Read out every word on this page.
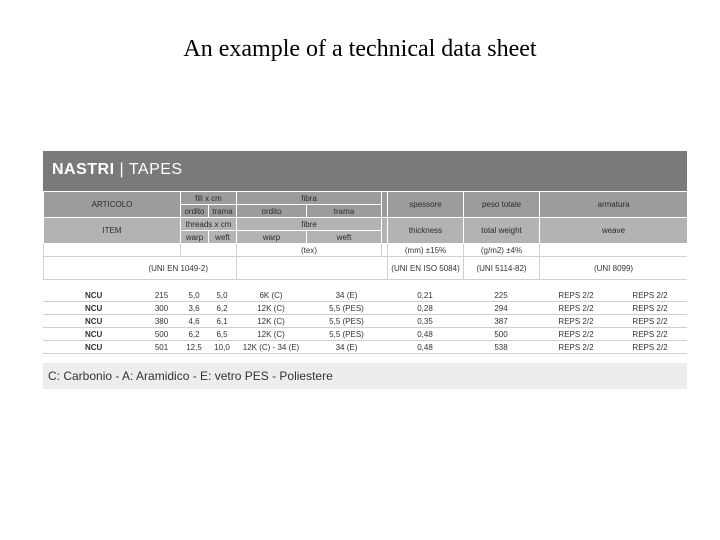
An example of a technical data sheet
NASTRI | TAPES
ARTICOLO	fili x cm		fibra			spessore	peso totale	armatura
	ordito	trama	ordito	trama				
ITEM	threads x cm		fibre			thickness	total weight	weave
	warp	weft	warp	weft				
			(tex)			(mm) ±15%	(g/m2) ±4%	
(UNI EN 1049-2)						(UNI EN ISO 5084)	(UNI 5114-82)	(UNI 8099)
NCU	215	5,0	5,0	6K (C)	34 (E)	0,21	225	REPS 2/2	REPS 2/2
NCU	300	3,6	6,2	12K (C)	5,5 (PES)	0,28	294	REPS 2/2	REPS 2/2
NCU	380	4,6	6,1	12K (C)	5,5 (PES)	0,35	387	REPS 2/2	REPS 2/2
NCU	500	6,2	6,5	12K (C)	5,5 (PES)	0,48	500	REPS 2/2	REPS 2/2
NCU	501	12,5	10,0	12K (C) - 34 (E)	34 (E)	0,48	538	REPS 2/2	REPS 2/2
C: Carbonio - A: Aramidico - E: vetro PES - Poliestere
